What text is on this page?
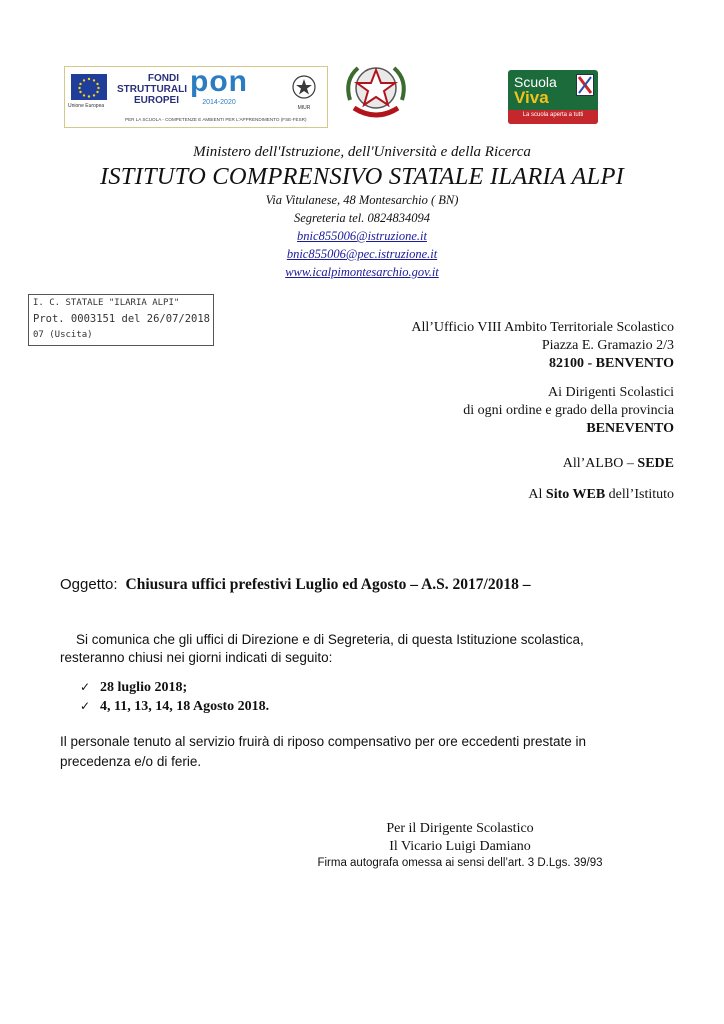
Unione Europea
FONDI
STRUTTURALI
EUROPEI
pon
2014-2020
MIUR
PER LA SCUOLA - COMPETENZE E AMBIENTI PER L'APPRENDIMENTO (FSE-FESR)
Scuola
Viva
La scuola aperta a tutti
Ministero dell'Istruzione, dell'Università e della Ricerca
ISTITUTO COMPRENSIVO STATALE ILARIA ALPI
Via Vitulanese, 48 Montesarchio ( BN)
Segreteria tel. 0824834094
bnic855006@istruzione.it
bnic855006@pec.istruzione.it
www.icalpimontesarchio.gov.it
I. C. STATALE "ILARIA ALPI"
Prot. 0003151 del 26/07/2018
07 (Uscita)	All’Ufficio VIII Ambito Territoriale Scolastico
Piazza E. Gramazio 2/3
82100 - BENVENTO
Ai Dirigenti Scolastici
di ogni ordine e grado della provincia
BENEVENTO
All’ALBO – SEDE
Al Sito WEB dell’Istituto
Oggetto: Chiusura uffici prefestivi Luglio ed Agosto – A.S. 2017/2018 –
Si comunica che gli uffici di Direzione e di Segreteria, di questa Istituzione scolastica,
resteranno chiusi nei giorni indicati di seguito:
✓ 28 luglio 2018;
✓ 4, 11, 13, 14, 18 Agosto 2018.
Il personale tenuto al servizio fruirà di riposo compensativo per ore eccedenti prestate in
precedenza e/o di ferie.
Per il Dirigente Scolastico
Il Vicario Luigi Damiano
Firma autografa omessa ai sensi dell’art. 3 D.Lgs. 39/93
